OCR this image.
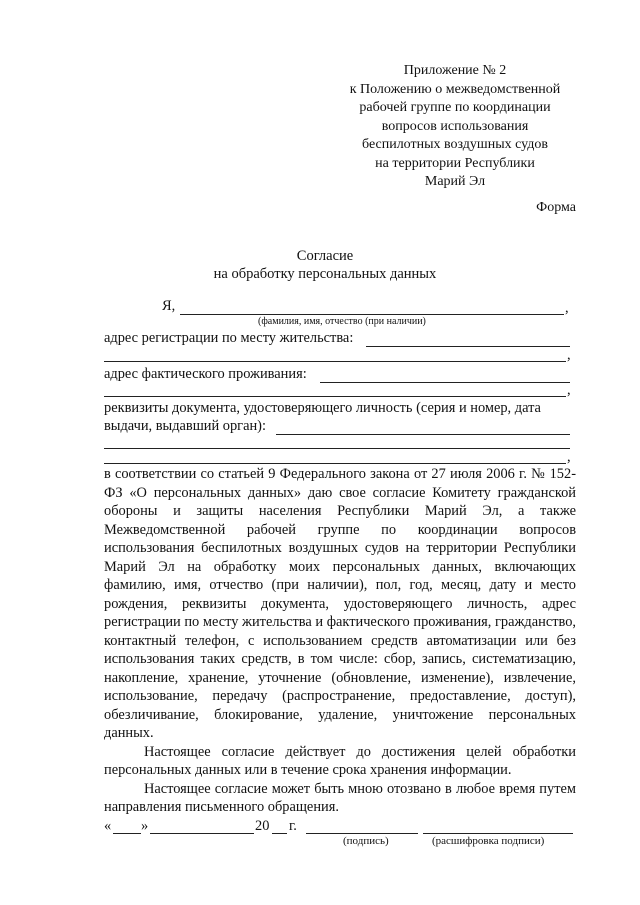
Приложение № 2
к Положению о межведомственной
рабочей группе по координации
вопросов использования
беспилотных воздушных судов
на территории Республики
Марий Эл
Форма
Согласие
на обработку персональных данных
Я,	,
(фамилия, имя, отчество (при наличии)
адрес регистрации по месту жительства:
,
адрес фактического проживания:
,
реквизиты документа, удостоверяющего личность (серия и номер, дата
выдачи, выдавший орган):
,

в соответствии со статьей 9 Федерального закона от 27 июля 2006 г. № 152-ФЗ «О персональных данных» даю свое согласие Комитету гражданской обороны и защиты населения Республики Марий Эл, а также Межведомственной рабочей группе по координации вопросов использования беспилотных воздушных судов на территории Республики Марий Эл на обработку моих персональных данных, включающих фамилию, имя, отчество (при наличии), пол, год, месяц, дату и место рождения, реквизиты документа, удостоверяющего личность, адрес регистрации по месту жительства и фактического проживания, гражданство, контактный телефон, с использованием средств автоматизации или без использования таких средств, в том числе: сбор, запись, систематизацию, накопление, хранение, уточнение (обновление, изменение), извлечение, использование, передачу (распространение, предоставление, доступ), обезличивание, блокирование, удаление, уничтожение персональных данных.

Настоящее согласие действует до достижения целей обработки персональных данных или в течение срока хранения информации.

Настоящее согласие может быть мною отозвано в любое время путем направления письменного обращения.

« »	20 г.
(подпись)	(расшифровка подписи)
